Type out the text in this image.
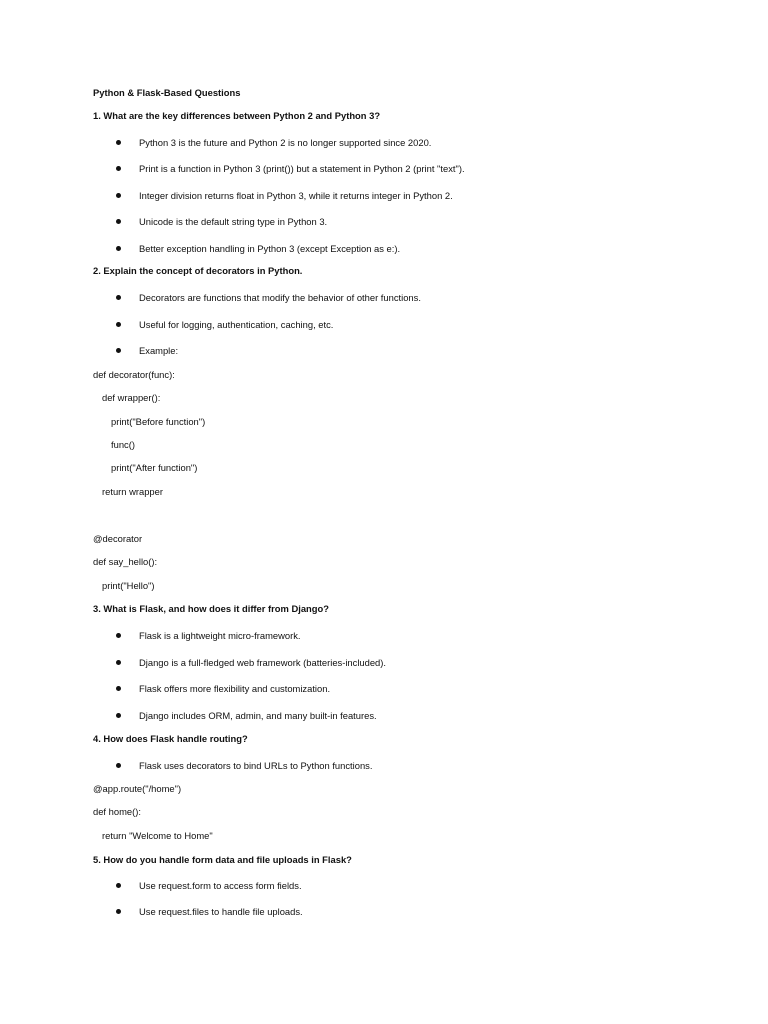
Python & Flask-Based Questions
1. What are the key differences between Python 2 and Python 3?
Python 3 is the future and Python 2 is no longer supported since 2020.
Print is a function in Python 3 (print()) but a statement in Python 2 (print "text").
Integer division returns float in Python 3, while it returns integer in Python 2.
Unicode is the default string type in Python 3.
Better exception handling in Python 3 (except Exception as e:).
2. Explain the concept of decorators in Python.
Decorators are functions that modify the behavior of other functions.
Useful for logging, authentication, caching, etc.
Example:
def decorator(func):
def wrapper():
print("Before function")
func()
print("After function")
return wrapper
@decorator
def say_hello():
print("Hello")
3. What is Flask, and how does it differ from Django?
Flask is a lightweight micro-framework.
Django is a full-fledged web framework (batteries-included).
Flask offers more flexibility and customization.
Django includes ORM, admin, and many built-in features.
4. How does Flask handle routing?
Flask uses decorators to bind URLs to Python functions.
@app.route("/home")
def home():
return "Welcome to Home"
5. How do you handle form data and file uploads in Flask?
Use request.form to access form fields.
Use request.files to handle file uploads.
